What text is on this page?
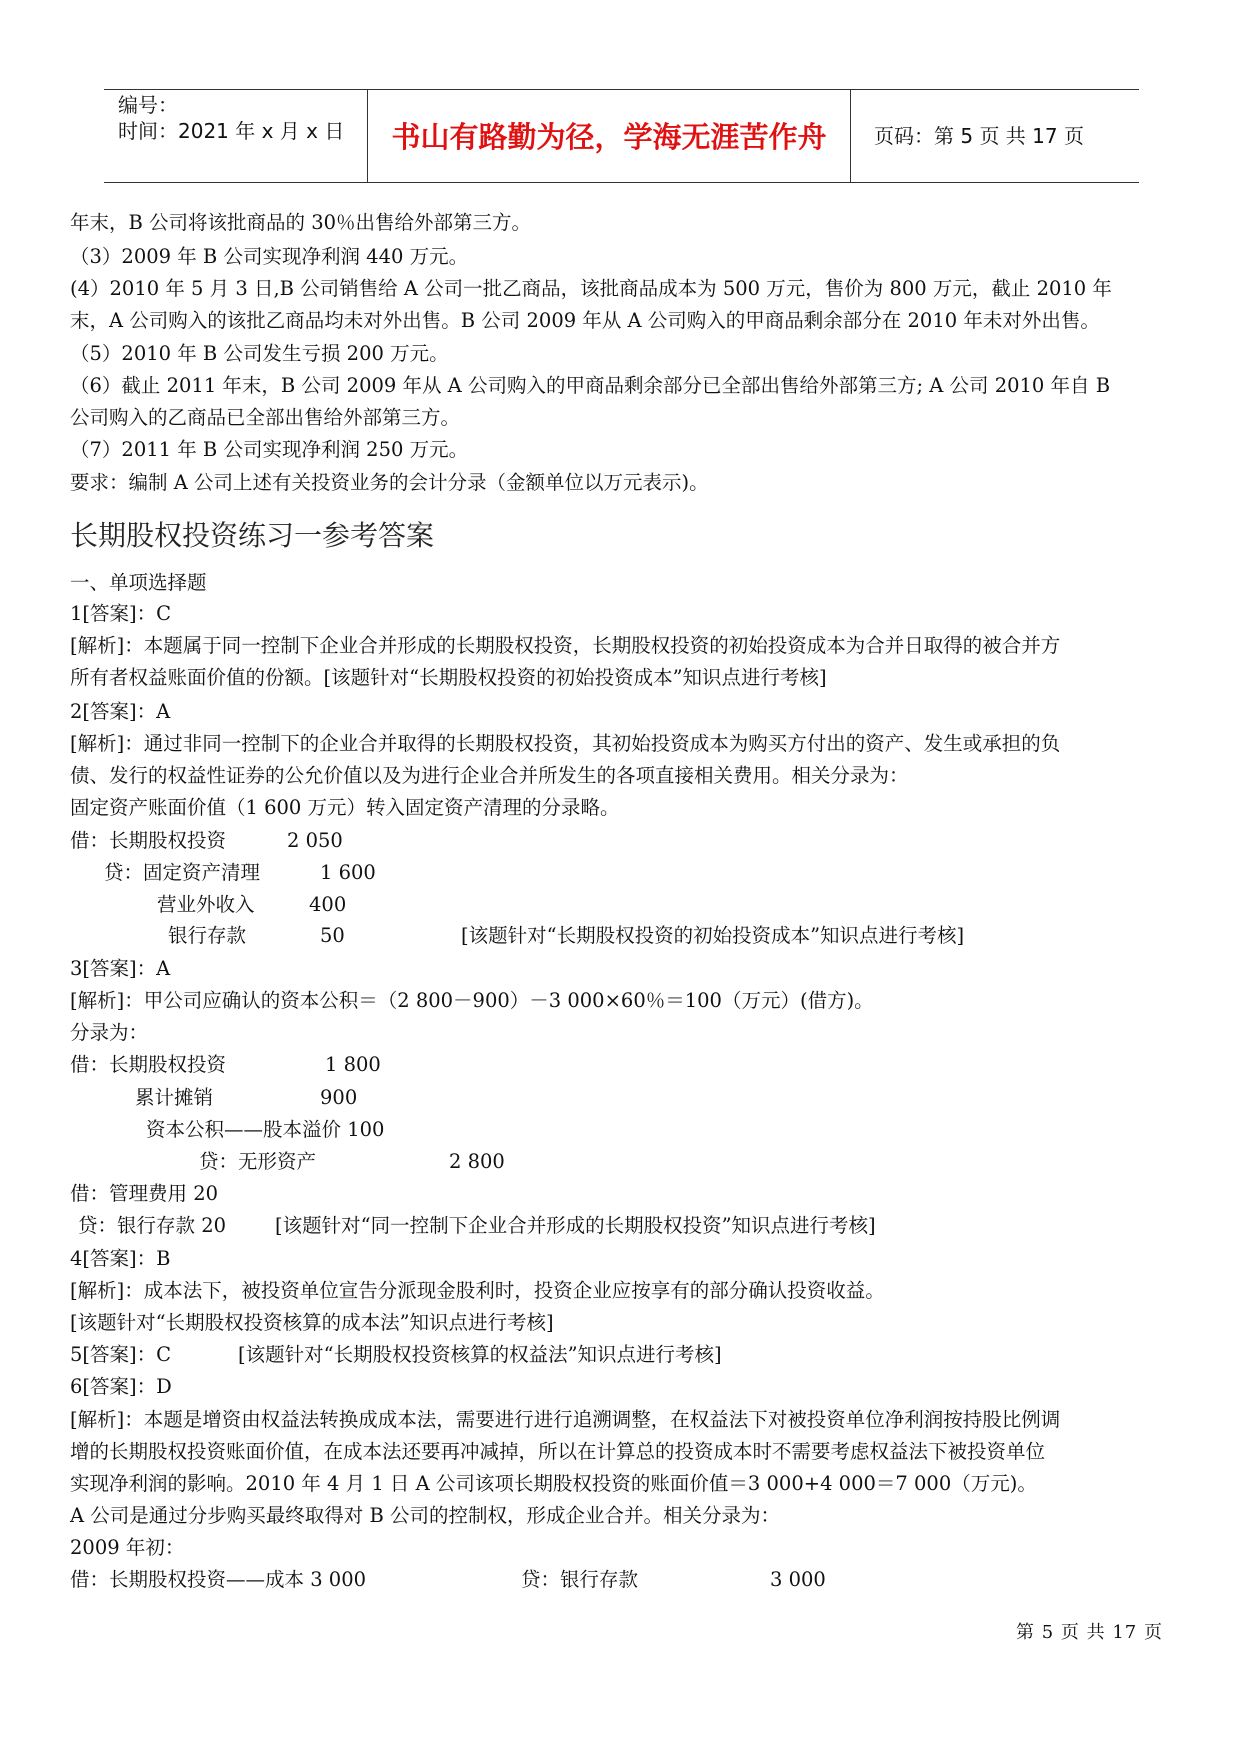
编号：
时间：2021 年 x 月 x 日	书山有路勤为径，学海无涯苦作舟	页码：第 5 页 共 17 页
年末，B 公司将该批商品的 30％出售给外部第三方。
（3）2009 年 B 公司实现净利润 440 万元。
(4）2010 年 5 月 3 日,B 公司销售给 A 公司一批乙商品，该批商品成本为 500 万元，售价为 800 万元，截止 2010 年
末，A 公司购入的该批乙商品均未对外出售。B 公司 2009 年从 A 公司购入的甲商品剩余部分在 2010 年未对外出售。
（5）2010 年 B 公司发生亏损 200 万元。
（6）截止 2011 年末，B 公司 2009 年从 A 公司购入的甲商品剩余部分已全部出售给外部第三方; A 公司 2010 年自 B
公司购入的乙商品已全部出售给外部第三方。
（7）2011 年 B 公司实现净利润 250 万元。
要求：编制 A 公司上述有关投资业务的会计分录（金额单位以万元表示)。
长期股权投资练习一参考答案
一、单项选择题
1[答案]：C
[解析]：本题属于同一控制下企业合并形成的长期股权投资，长期股权投资的初始投资成本为合并日取得的被合并方
所有者权益账面价值的份额。[该题针对“长期股权投资的初始投资成本”知识点进行考核]
2[答案]：A
[解析]：通过非同一控制下的企业合并取得的长期股权投资，其初始投资成本为购买方付出的资产、发生或承担的负
债、发行的权益性证券的公允价值以及为进行企业合并所发生的各项直接相关费用。相关分录为：
固定资产账面价值（1 600 万元）转入固定资产清理的分录略。
借：长期股权投资	2 050
贷：固定资产清理	1 600
营业外收入	400
银行存款	50	[该题针对“长期股权投资的初始投资成本”知识点进行考核]
3[答案]：A
[解析]：甲公司应确认的资本公积＝（2 800－900）－3 000×60％＝100（万元）(借方)。
分录为：
借：长期股权投资	1 800
累计摊销	900
资本公积——股本溢价 100
贷：无形资产	2 800
借：管理费用 20
贷：银行存款 20	[该题针对“同一控制下企业合并形成的长期股权投资”知识点进行考核]
4[答案]：B
[解析]：成本法下，被投资单位宣告分派现金股利时，投资企业应按享有的部分确认投资收益。
[该题针对“长期股权投资核算的成本法”知识点进行考核]
5[答案]：C	[该题针对“长期股权投资核算的权益法”知识点进行考核]
6[答案]：D
[解析]：本题是增资由权益法转换成成本法，需要进行进行追溯调整，在权益法下对被投资单位净利润按持股比例调
增的长期股权投资账面价值，在成本法还要再冲减掉，所以在计算总的投资成本时不需要考虑权益法下被投资单位
实现净利润的影响。2010 年 4 月 1 日 A 公司该项长期股权投资的账面价值＝3 000+4 000＝7 000（万元)。
A 公司是通过分步购买最终取得对 B 公司的控制权，形成企业合并。相关分录为：
2009 年初：
借：长期股权投资——成本 3 000	贷：银行存款	3 000
第 5 页 共 17 页
